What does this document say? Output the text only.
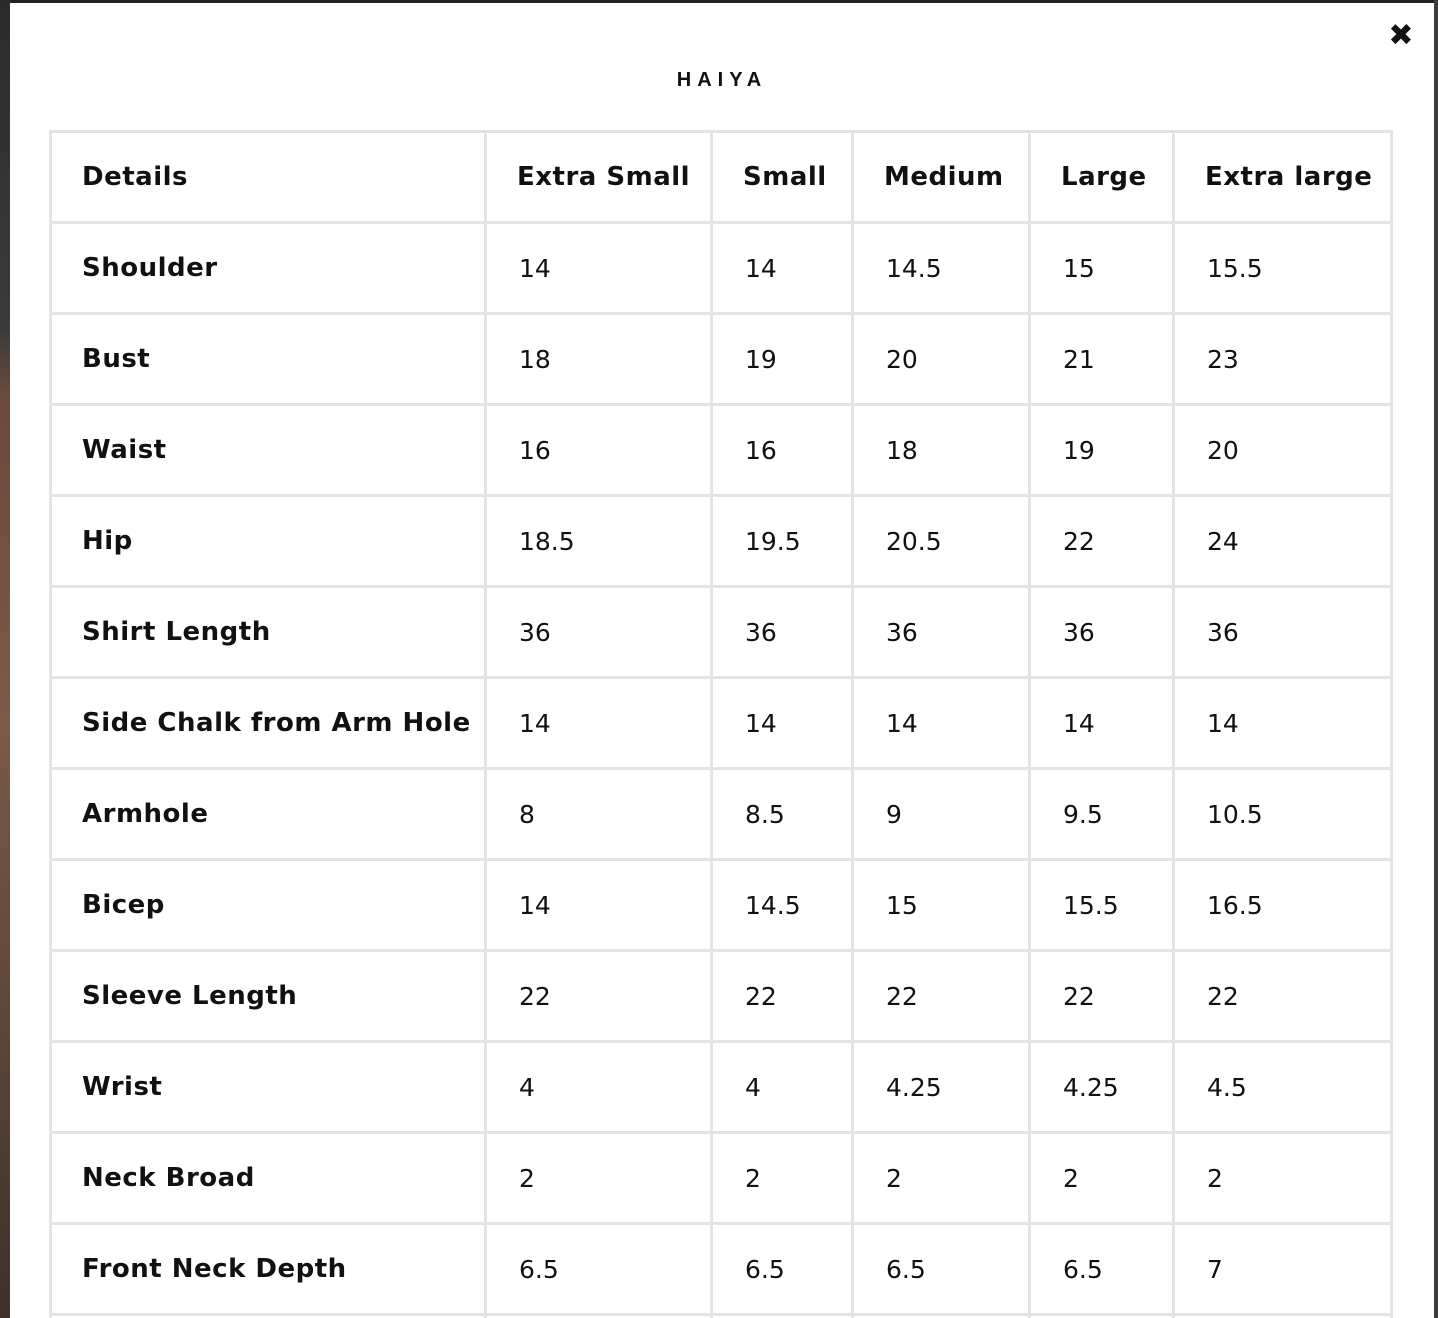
✖
HAIYA
Details	Extra Small	Small	Medium	Large	Extra large
Shoulder	14	14	14.5	15	15.5
Bust	18	19	20	21	23
Waist	16	16	18	19	20
Hip	18.5	19.5	20.5	22	24
Shirt Length	36	36	36	36	36
Side Chalk from Arm Hole	14	14	14	14	14
Armhole	8	8.5	9	9.5	10.5
Bicep	14	14.5	15	15.5	16.5
Sleeve Length	22	22	22	22	22
Wrist	4	4	4.25	4.25	4.5
Neck Broad	2	2	2	2	2
Front Neck Depth	6.5	6.5	6.5	6.5	7
